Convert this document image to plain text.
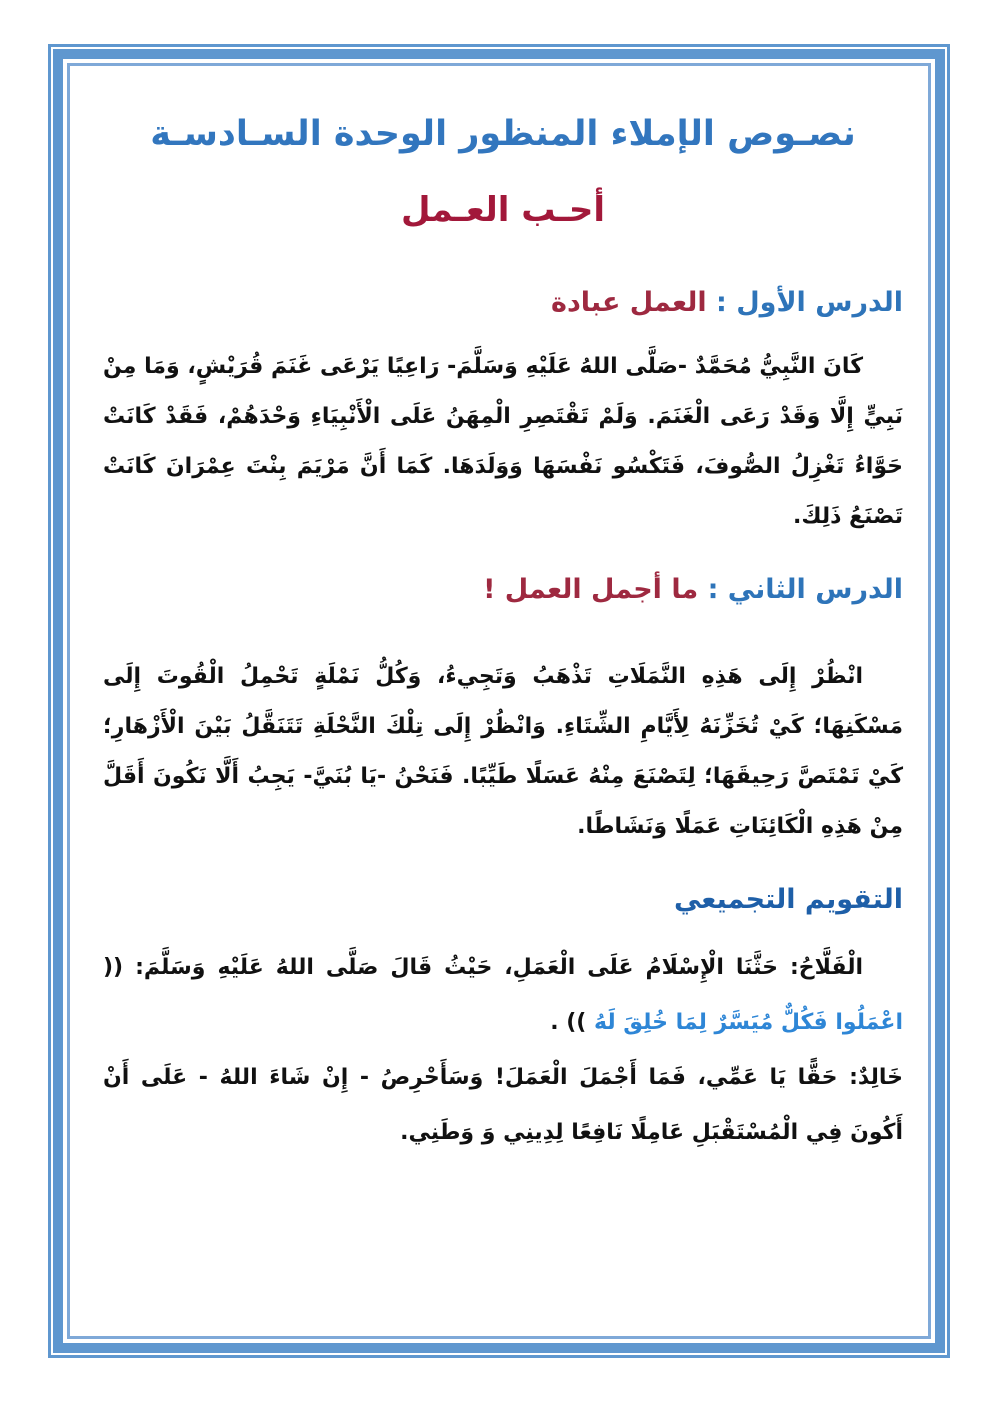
نصـوص الإملاء المنظور الوحدة السـادسـة
أحـب العـمل
الدرس الأول : العمل عبادة

كَانَ النَّبِيُّ مُحَمَّدٌ -صَلَّى اللهُ عَلَيْهِ وَسَلَّمَ- رَاعِيًا يَرْعَى غَنَمَ قُرَيْشٍ، وَمَا مِنْ نَبِيٍّ إِلَّا وَقَدْ رَعَى الْغَنَمَ. وَلَمْ تَقْتَصِرِ الْمِهَنُ عَلَى الْأَنْبِيَاءِ وَحْدَهُمْ، فَقَدْ كَانَتْ حَوَّاءُ تَغْزِلُ الصُّوفَ، فَتَكْسُو نَفْسَهَا وَوَلَدَهَا. كَمَا أَنَّ مَرْيَمَ بِنْتَ عِمْرَانَ كَانَتْ تَصْنَعُ ذَلِكَ.

الدرس الثاني : ما أجمل العمل !

انْظُرْ إِلَى هَذِهِ النَّمَلَاتِ تَذْهَبُ وَتَجِيءُ، وَكُلُّ نَمْلَةٍ تَحْمِلُ الْقُوتَ إِلَى مَسْكَنِهَا؛ كَيْ تُخَزِّنَهُ لِأَيَّامِ الشِّتَاءِ. وَانْظُرْ إِلَى تِلْكَ النَّحْلَةِ تَتَنَقَّلُ بَيْنَ الْأَزْهَارِ؛ كَيْ تَمْتَصَّ رَحِيقَهَا؛ لِتَصْنَعَ مِنْهُ عَسَلًا طَيِّبًا. فَنَحْنُ -يَا بُنَيَّ- يَجِبُ أَلَّا نَكُونَ أَقَلَّ مِنْ هَذِهِ الْكَائِنَاتِ عَمَلًا وَنَشَاطًا.

التقويم التجميعي

الْفَلَّاحُ: حَثَّنَا الْإِسْلَامُ عَلَى الْعَمَلِ، حَيْثُ قَالَ صَلَّى اللهُ عَلَيْهِ وَسَلَّمَ: (( اعْمَلُوا فَكُلٌّ مُيَسَّرٌ لِمَا خُلِقَ لَهُ )) .

خَالِدٌ: حَقًّا يَا عَمِّي، فَمَا أَجْمَلَ الْعَمَلَ! وَسَأَحْرِصُ - إِنْ شَاءَ اللهُ - عَلَى أَنْ أَكُونَ فِي الْمُسْتَقْبَلِ عَامِلًا نَافِعًا لِدِينِي وَ وَطَنِي.
